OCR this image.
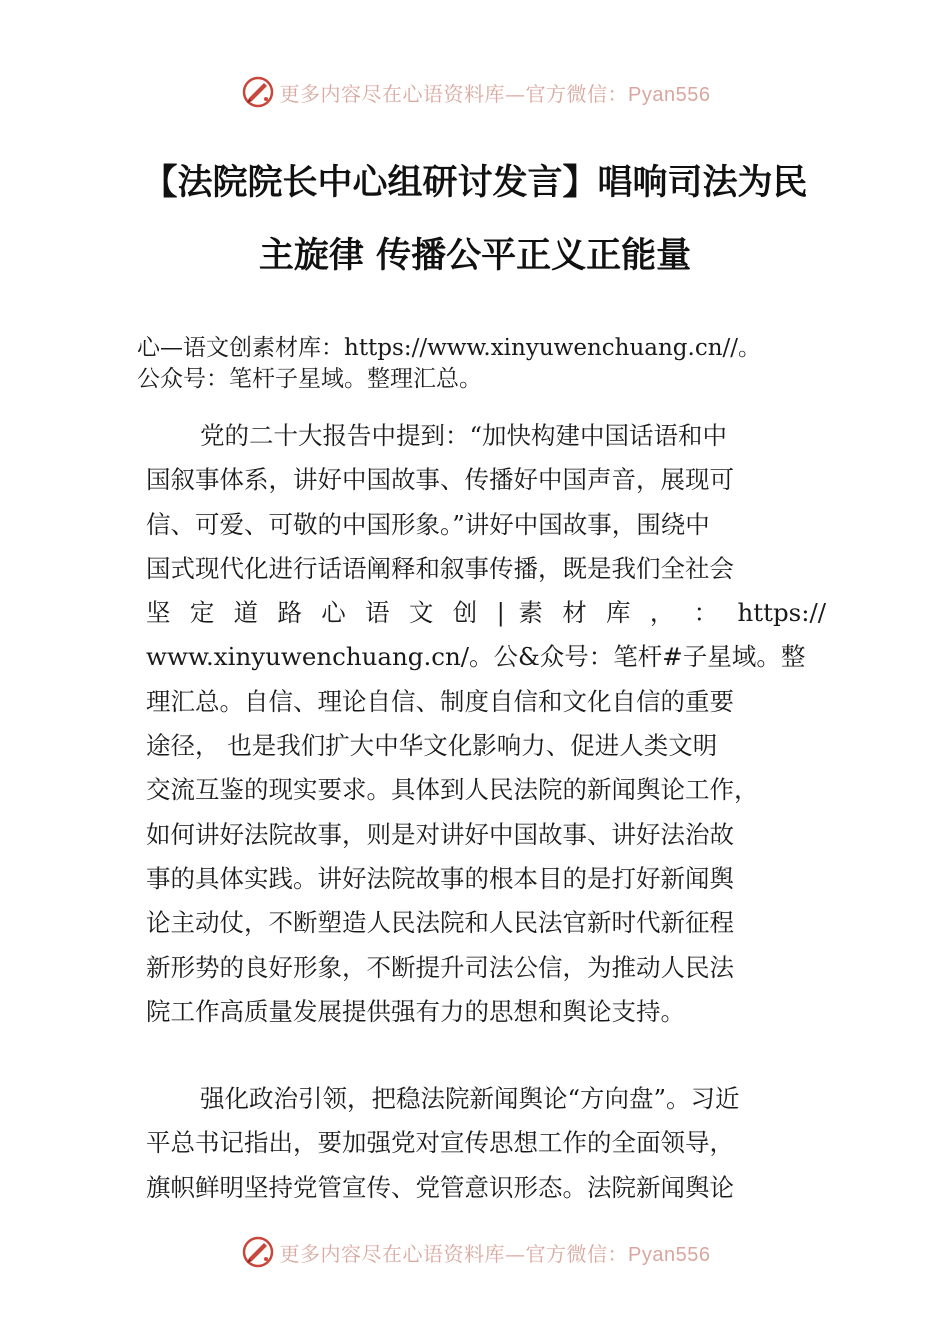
更多内容尽在心语资料库—官方微信：Pyan556
【法院院长中心组研讨发言】唱响司法为民
主旋律 传播公平正义正能量
心—语文创素材库：https://www.xinyuwenchuang.cn//。
公众号：笔杆子星域。整理汇总。
党的二十大报告中提到：“加快构建中国话语和中
国叙事体系，讲好中国故事、传播好中国声音，展现可
信、可爱、可敬的中国形象。”讲好中国故事，围绕中
国式现代化进行话语阐释和叙事传播，既是我们全社会
坚 定 道 路 心 语 文 创 | 素 材 库 ， ： https://
www.xinyuwenchuang.cn/。公&众号：笔杆#子星域。整
理汇总。自信、理论自信、制度自信和文化自信的重要
途径， 也是我们扩大中华文化影响力、促进人类文明
交流互鉴的现实要求。具体到人民法院的新闻舆论工作，
如何讲好法院故事，则是对讲好中国故事、讲好法治故
事的具体实践。讲好法院故事的根本目的是打好新闻舆
论主动仗，不断塑造人民法院和人民法官新时代新征程
新形势的良好形象，不断提升司法公信，为推动人民法
院工作高质量发展提供强有力的思想和舆论支持。
强化政治引领，把稳法院新闻舆论“方向盘”。习近
平总书记指出，要加强党对宣传思想工作的全面领导，
旗帜鲜明坚持党管宣传、党管意识形态。法院新闻舆论
更多内容尽在心语资料库—官方微信：Pyan556
